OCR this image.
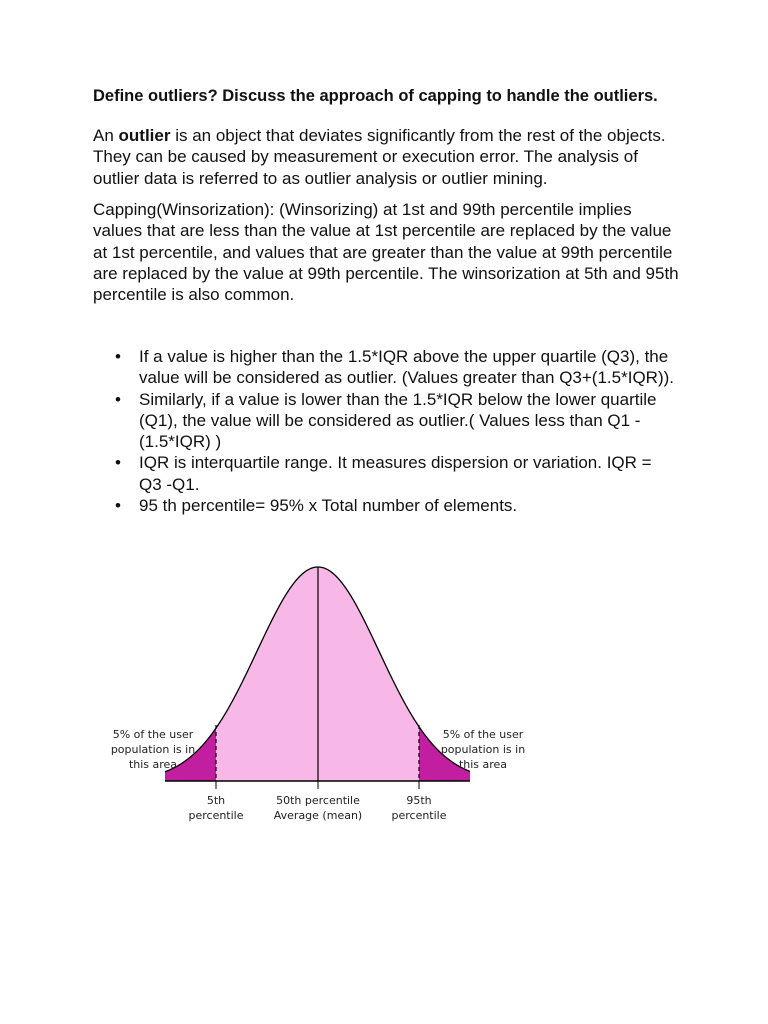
Define outliers? Discuss the approach of capping to handle the outliers.
An outlier is an object that deviates significantly from the rest of the objects. They can be caused by measurement or execution error. The analysis of outlier data is referred to as outlier analysis or outlier mining.
Capping(Winsorization): (Winsorizing) at 1st and 99th percentile implies values that are less than the value at 1st percentile are replaced by the value at 1st percentile, and values that are greater than the value at 99th percentile are replaced by the value at 99th percentile. The winsorization at 5th and 95th percentile is also common.
• If a value is higher than the 1.5*IQR above the upper quartile (Q3), the value will be considered as outlier. (Values greater than Q3+(1.5*IQR)).
• Similarly, if a value is lower than the 1.5*IQR below the lower quartile (Q1), the value will be considered as outlier.( Values less than Q1 -(1.5*IQR) )
• IQR is interquartile range. It measures dispersion or variation. IQR = Q3 -Q1.
• 95 th percentile= 95% x Total number of elements.
5% of the user
population is in
this area
5% of the user
population is in
this area
5th
percentile
50th percentile
Average (mean)
95th
percentile
